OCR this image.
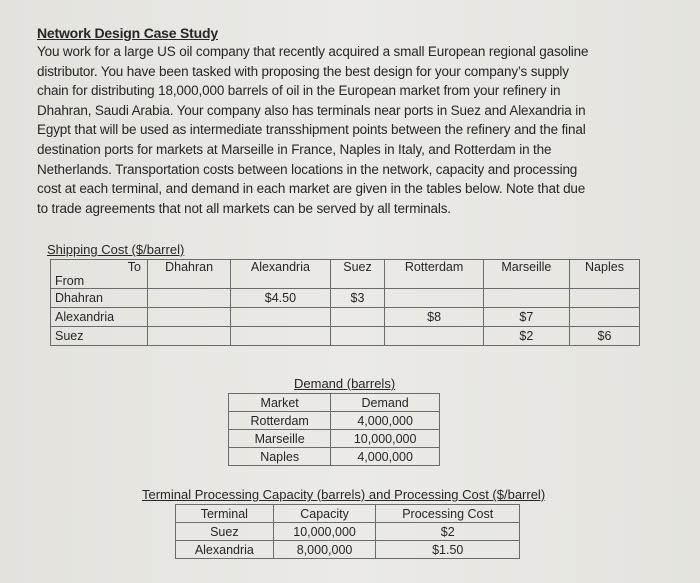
Network Design Case Study
You work for a large US oil company that recently acquired a small European regional gasoline
distributor. You have been tasked with proposing the best design for your company’s supply
chain for distributing 18,000,000 barrels of oil in the European market from your refinery in
Dhahran, Saudi Arabia. Your company also has terminals near ports in Suez and Alexandria in
Egypt that will be used as intermediate transshipment points between the refinery and the final
destination ports for markets at Marseille in France, Naples in Italy, and Rotterdam in the
Netherlands. Transportation costs between locations in the network, capacity and processing
cost at each terminal, and demand in each market are given in the tables below. Note that due
to trade agreements that not all markets can be served by all terminals.
Shipping Cost ($/barrel)
To
From	Dhahran	Alexandria	Suez	Rotterdam	Marseille	Naples
Dhahran		$4.50	$3			
Alexandria				$8	$7	
Suez					$2	$6
Demand (barrels)
Market	Demand
Rotterdam	4,000,000
Marseille	10,000,000
Naples	4,000,000
Terminal Processing Capacity (barrels) and Processing Cost ($/barrel)
Terminal	Capacity	Processing Cost
Suez	10,000,000	$2
Alexandria	8,000,000	$1.50
